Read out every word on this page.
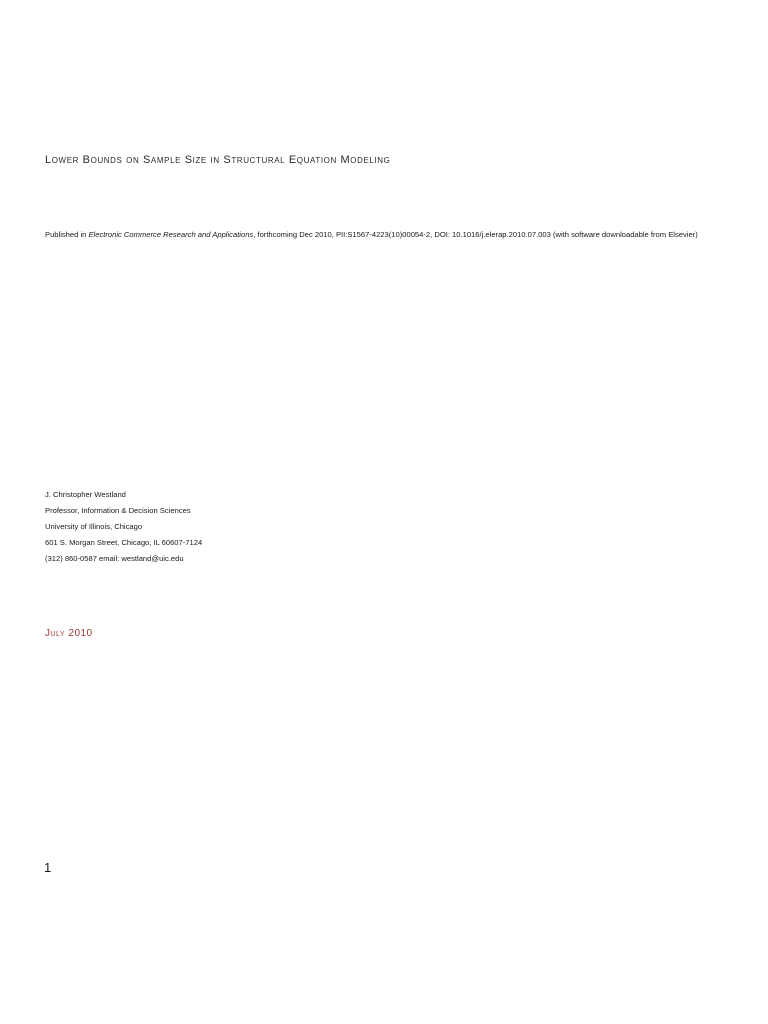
Lower Bounds on Sample Size in Structural Equation Modeling
Published in Electronic Commerce Research and Applications, forthcoming Dec 2010, PII:S1567-4223(10)00054-2, DOI: 10.1016/j.elerap.2010.07.003 (with software downloadable from Elsevier)
J. Christopher Westland
Professor, Information & Decision Sciences
University of Illinois, Chicago
601 S. Morgan Street, Chicago, IL 60607-7124
(312) 860-0587 email: westland@uic.edu
July 2010
1
